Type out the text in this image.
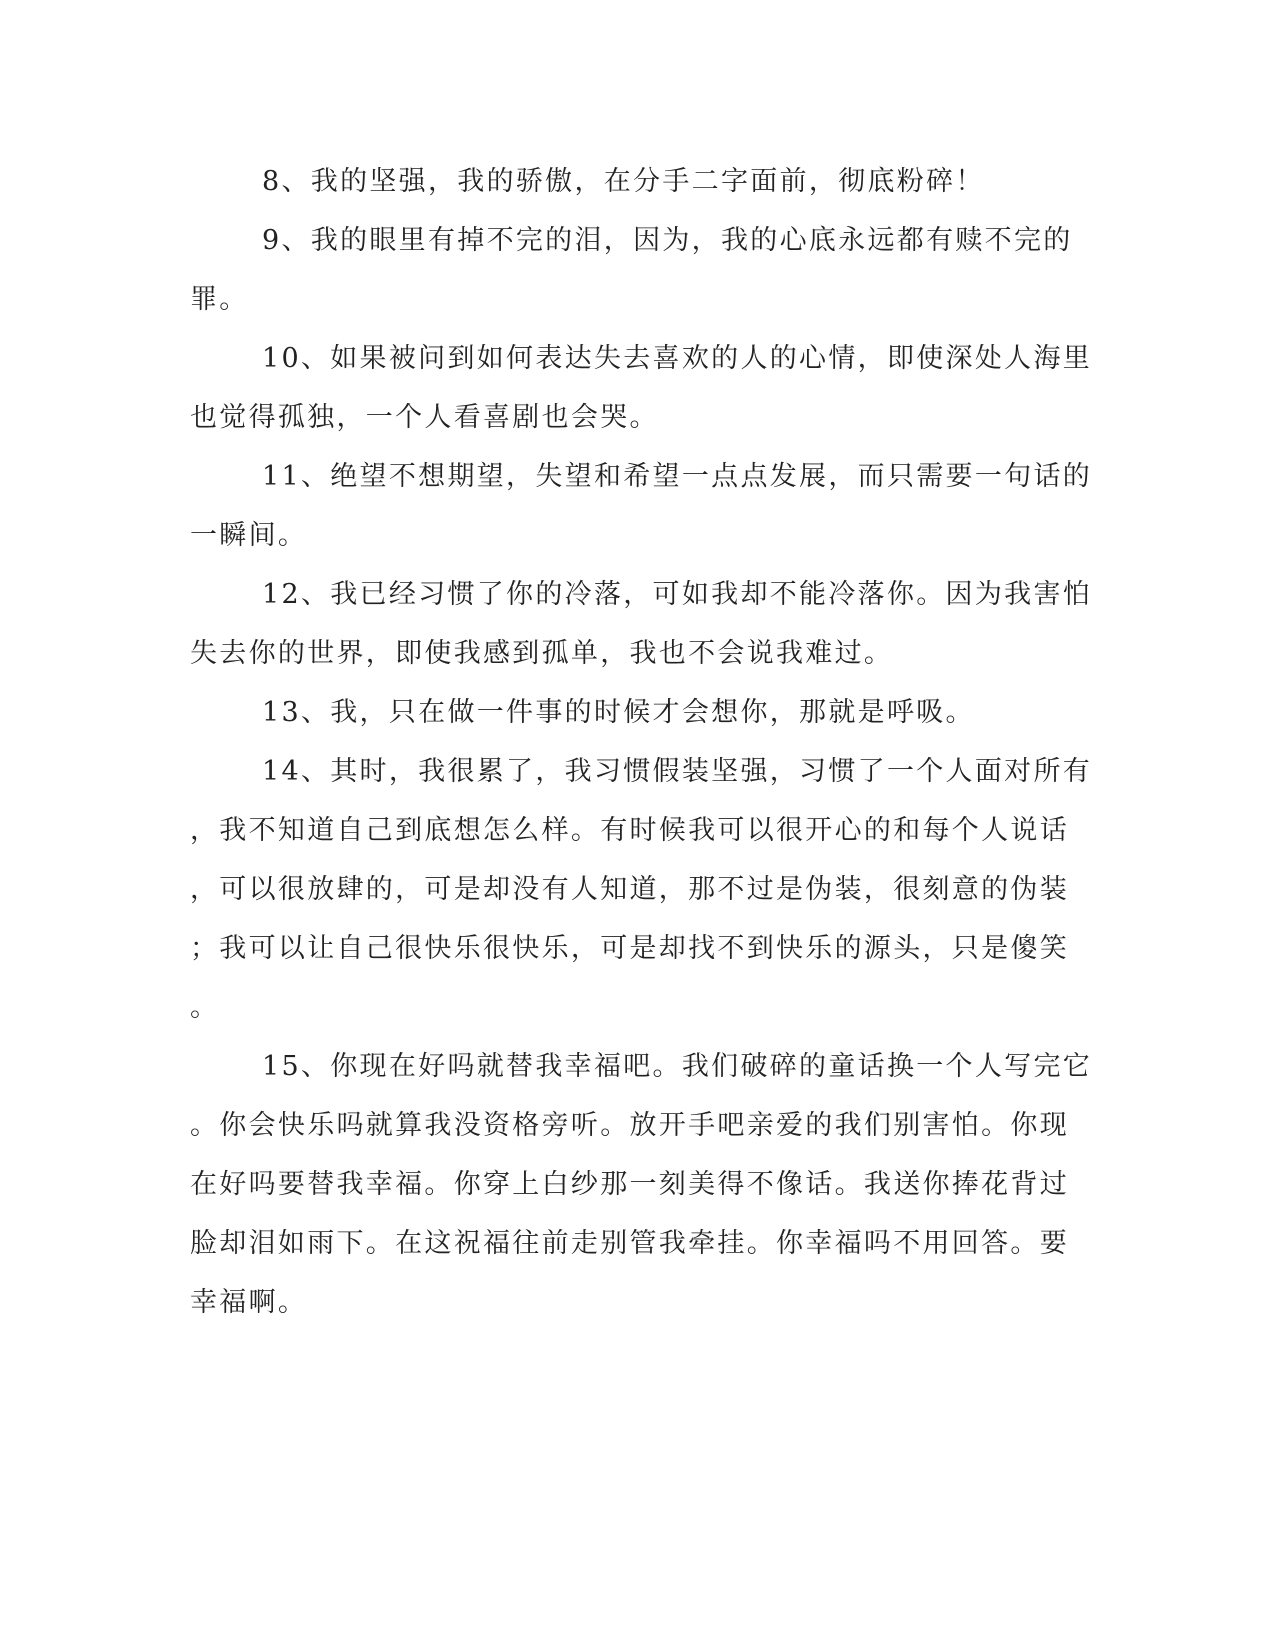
8、我的坚强，我的骄傲，在分手二字面前，彻底粉碎！
9、我的眼里有掉不完的泪，因为，我的心底永远都有赎不完的
罪。
10、如果被问到如何表达失去喜欢的人的心情，即使深处人海里
也觉得孤独，一个人看喜剧也会哭。
11、绝望不想期望，失望和希望一点点发展，而只需要一句话的
一瞬间。
12、我已经习惯了你的冷落，可如我却不能冷落你。因为我害怕
失去你的世界，即使我感到孤单，我也不会说我难过。
13、我，只在做一件事的时候才会想你，那就是呼吸。
14、其时，我很累了，我习惯假装坚强，习惯了一个人面对所有
，我不知道自己到底想怎么样。有时候我可以很开心的和每个人说话
，可以很放肆的，可是却没有人知道，那不过是伪装，很刻意的伪装
；我可以让自己很快乐很快乐，可是却找不到快乐的源头，只是傻笑
。
15、你现在好吗就替我幸福吧。我们破碎的童话换一个人写完它
。你会快乐吗就算我没资格旁听。放开手吧亲爱的我们别害怕。你现
在好吗要替我幸福。你穿上白纱那一刻美得不像话。我送你捧花背过
脸却泪如雨下。在这祝福往前走别管我牵挂。你幸福吗不用回答。要
幸福啊。
